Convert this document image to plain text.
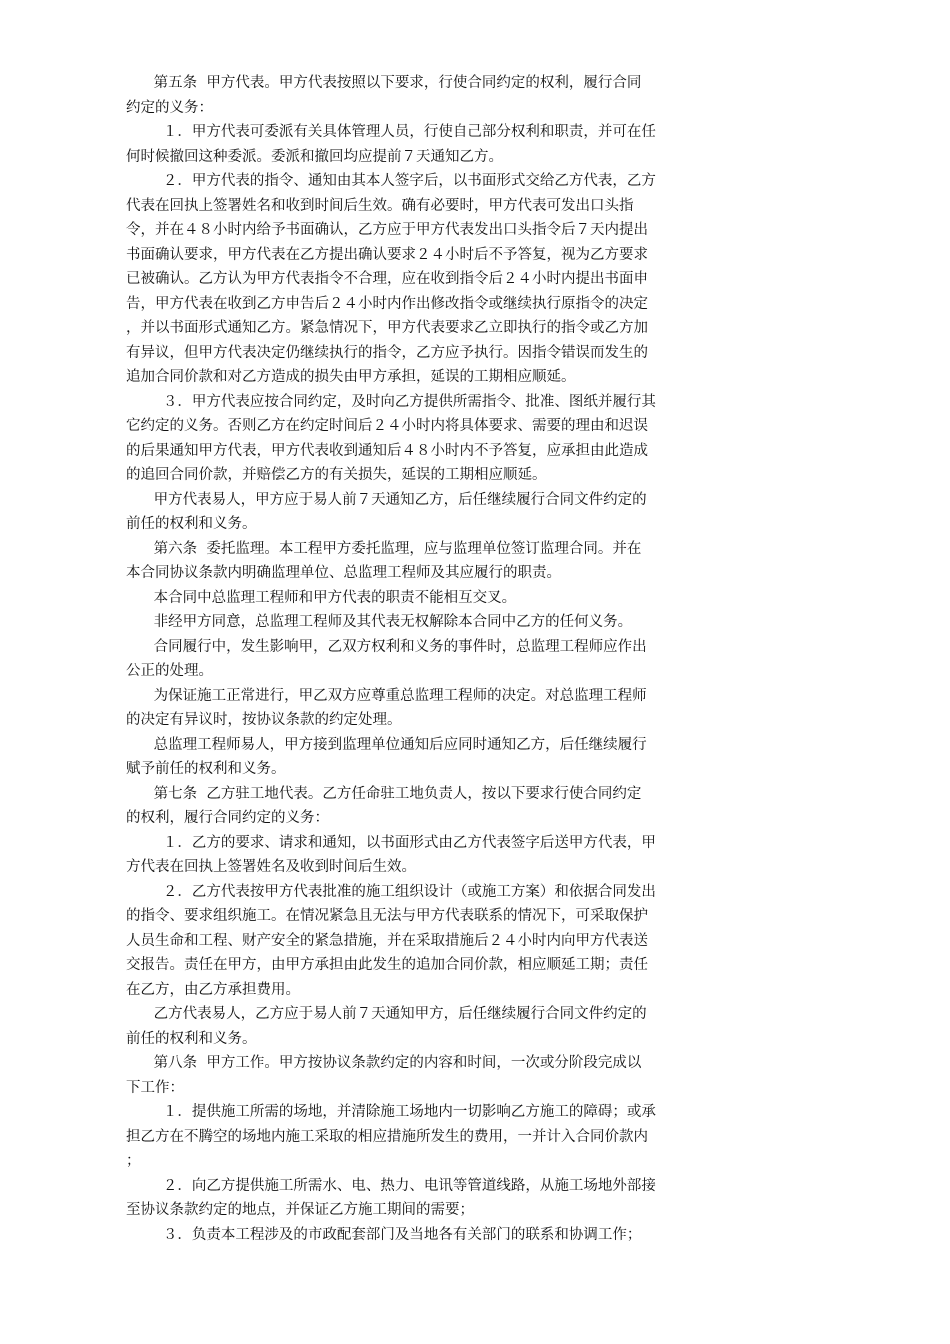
第五条  甲方代表。甲方代表按照以下要求，行使合同约定的权利，履行合同
约定的义务：
１．甲方代表可委派有关具体管理人员，行使自己部分权利和职责，并可在任
何时候撤回这种委派。委派和撤回均应提前７天通知乙方。
２．甲方代表的指令、通知由其本人签字后，以书面形式交给乙方代表，乙方
代表在回执上签署姓名和收到时间后生效。确有必要时，甲方代表可发出口头指
令，并在４８小时内给予书面确认，乙方应于甲方代表发出口头指令后７天内提出
书面确认要求，甲方代表在乙方提出确认要求２４小时后不予答复，视为乙方要求
已被确认。乙方认为甲方代表指令不合理，应在收到指令后２４小时内提出书面申
告，甲方代表在收到乙方申告后２４小时内作出修改指令或继续执行原指令的决定
，并以书面形式通知乙方。紧急情况下，甲方代表要求乙立即执行的指令或乙方加
有异议，但甲方代表决定仍继续执行的指令，乙方应予执行。因指令错误而发生的
追加合同价款和对乙方造成的损失由甲方承担，延误的工期相应顺延。
３．甲方代表应按合同约定，及时向乙方提供所需指令、批准、图纸并履行其
它约定的义务。否则乙方在约定时间后２４小时内将具体要求、需要的理由和迟误
的后果通知甲方代表，甲方代表收到通知后４８小时内不予答复，应承担由此造成
的追回合同价款，并赔偿乙方的有关损失，延误的工期相应顺延。
甲方代表易人，甲方应于易人前７天通知乙方，后任继续履行合同文件约定的
前任的权利和义务。
第六条  委托监理。本工程甲方委托监理，应与监理单位签订监理合同。并在
本合同协议条款内明确监理单位、总监理工程师及其应履行的职责。
本合同中总监理工程师和甲方代表的职责不能相互交叉。
非经甲方同意，总监理工程师及其代表无权解除本合同中乙方的任何义务。
合同履行中，发生影响甲，乙双方权利和义务的事件时，总监理工程师应作出
公正的处理。
为保证施工正常进行，甲乙双方应尊重总监理工程师的决定。对总监理工程师
的决定有异议时，按协议条款的约定处理。
总监理工程师易人，甲方接到监理单位通知后应同时通知乙方，后任继续履行
赋予前任的权利和义务。
第七条  乙方驻工地代表。乙方任命驻工地负责人，按以下要求行使合同约定
的权利，履行合同约定的义务：
１．乙方的要求、请求和通知，以书面形式由乙方代表签字后送甲方代表，甲
方代表在回执上签署姓名及收到时间后生效。
２．乙方代表按甲方代表批准的施工组织设计（或施工方案）和依据合同发出
的指令、要求组织施工。在情况紧急且无法与甲方代表联系的情况下，可采取保护
人员生命和工程、财产安全的紧急措施，并在采取措施后２４小时内向甲方代表送
交报告。责任在甲方，由甲方承担由此发生的追加合同价款，相应顺延工期；责任
在乙方，由乙方承担费用。
乙方代表易人，乙方应于易人前７天通知甲方，后任继续履行合同文件约定的
前任的权利和义务。
第八条  甲方工作。甲方按协议条款约定的内容和时间，一次或分阶段完成以
下工作：
１．提供施工所需的场地，并清除施工场地内一切影响乙方施工的障碍；或承
担乙方在不腾空的场地内施工采取的相应措施所发生的费用，一并计入合同价款内
；
２．向乙方提供施工所需水、电、热力、电讯等管道线路，从施工场地外部接
至协议条款约定的地点，并保证乙方施工期间的需要；
３．负责本工程涉及的市政配套部门及当地各有关部门的联系和协调工作；
